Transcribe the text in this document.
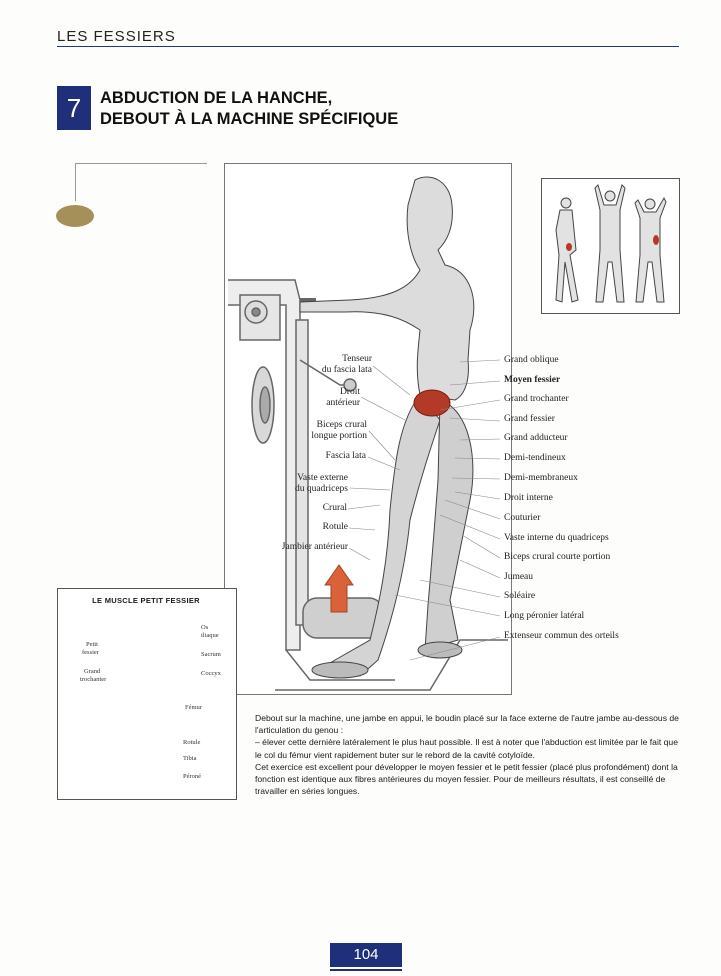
LES FESSIERS
7	ABDUCTION DE LA HANCHE,
DEBOUT À LA MACHINE SPÉCIFIQUE
Tenseur
du fascia lata
Droit
antérieur
Biceps crural
longue portion
Fascia lata
Vaste externe
du quadriceps
Crural
Rotule
Jambier antérieur
Grand oblique
Moyen fessier
Grand trochanter
Grand fessier
Grand adducteur
Demi-tendineux
Demi-membraneux
Droit interne
Couturier
Vaste interne du quadriceps
Biceps crural courte portion
Jumeau
Soléaire
Long péronier latéral
Extenseur commun des orteils
LE MUSCLE PETIT FESSIER
Petit
fessier
Grand
trochanter
Os
iliaque
Sacrum
Coccyx
Fémur
Rotule
Tibia
Péroné

Debout sur la machine, une jambe en appui, le boudin placé sur la face externe de l'autre jambe au-dessous de l'articulation du genou :

– élever cette dernière latéralement le plus haut possible. Il est à noter que l'abduction est limitée par le fait que le col du fémur vient rapidement buter sur le rebord de la cavité cotyloïde.

Cet exercice est excellent pour développer le moyen fessier et le petit fessier (placé plus profondément) dont la fonction est identique aux fibres antérieures du moyen fessier. Pour de meilleurs résultats, il est conseillé de travailler en séries longues.

104
